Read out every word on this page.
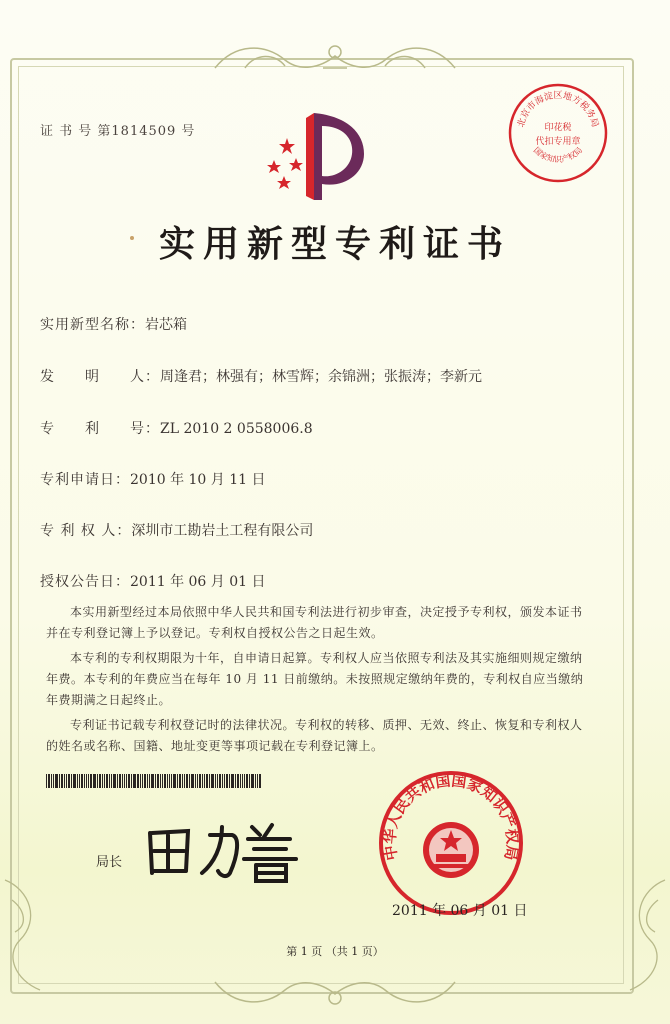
证 书 号 第1814509 号
北京市海淀区地方税务局
印花税
代扣专用章
国家知识产权局
实用新型专利证书
实用新型名称：岩芯箱
发　　明　　人：周逢君；林强有；林雪辉；余锦洲；张振涛；李新元
专　　利　　号：ZL 2010 2 0558006.8
专利申请日：2010 年 10 月 11 日
专 利 权 人：深圳市工勘岩土工程有限公司
授权公告日：2011 年 06 月 01 日
本实用新型经过本局依照中华人民共和国专利法进行初步审查，决定授予专利权，颁发本证书并在专利登记簿上予以登记。专利权自授权公告之日起生效。
本专利的专利权期限为十年，自申请日起算。专利权人应当依照专利法及其实施细则规定缴纳年费。本专利的年费应当在每年 10 月 11 日前缴纳。未按照规定缴纳年费的，专利权自应当缴纳年费期满之日起终止。
专利证书记载专利权登记时的法律状况。专利权的转移、质押、无效、终止、恢复和专利权人的姓名或名称、国籍、地址变更等事项记载在专利登记簿上。
局长
中华人民共和国国家知识产权局
2011 年 06 月 01 日
第 1 页 （共 1 页）
